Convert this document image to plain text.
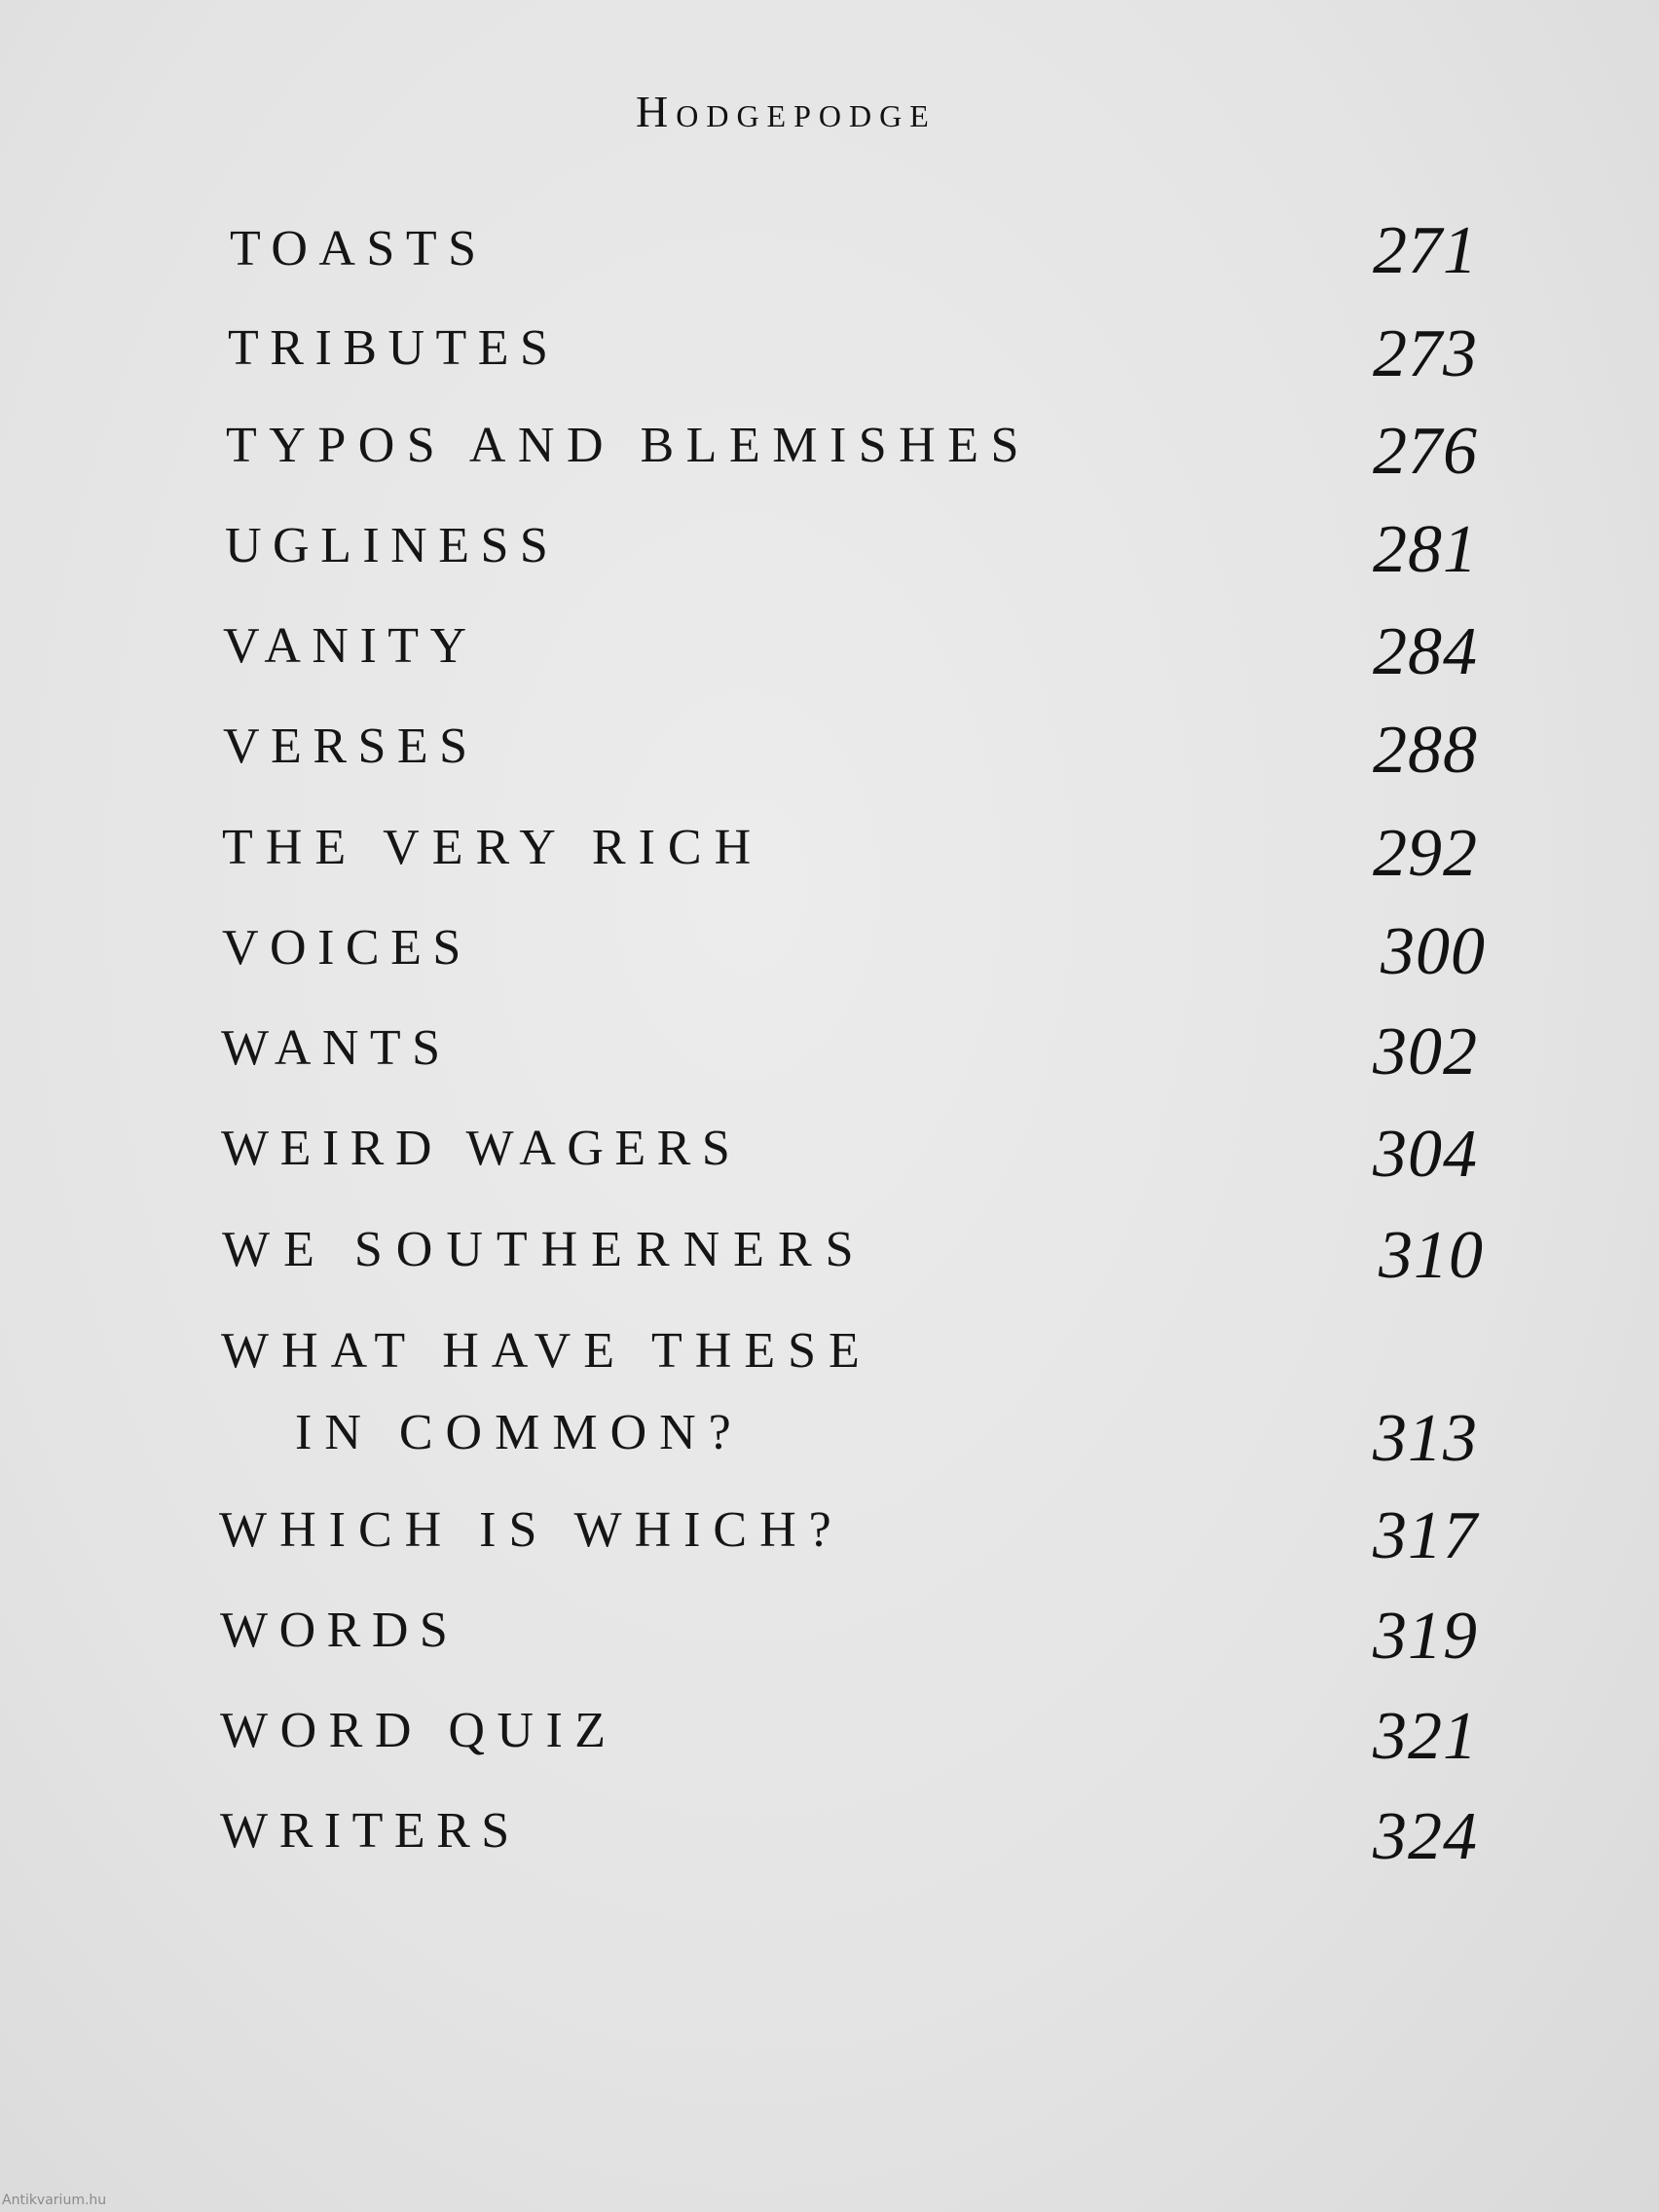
Hodgepodge
TOASTS	271
TRIBUTES	273
TYPOS AND BLEMISHES	276
UGLINESS	281
VANITY	284
VERSES	288
THE VERY RICH	292
VOICES	300
WANTS	302
WEIRD WAGERS	304
WE SOUTHERNERS	310
WHAT HAVE THESE
IN COMMON?	313
WHICH IS WHICH?	317
WORDS	319
WORD QUIZ	321
WRITERS	324
Antikvarium.hu
